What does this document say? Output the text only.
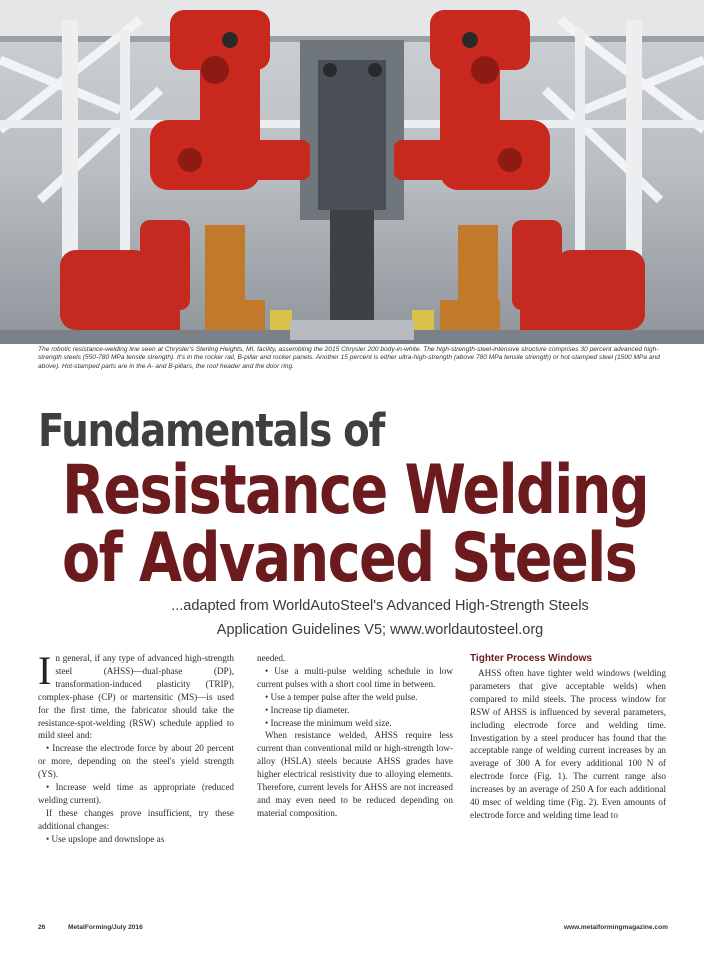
The robotic resistance-welding line seen at Chrysler's Sterling Heights, MI, facility, assembling the 2015 Chrysler 200 body-in-white. The high-strength-steel-intensive structure comprises 30 percent advanced high-strength steels (550-780 MPa tensile strength). It's in the rocker rail, B-pillar and rocker panels. Another 15 percent is either ultra-high-strength (above 780 MPa tensile strength) or hot-stamped steel (1500 MPa and above). Hot-stamped parts are in the A- and B-pillars, the roof header and the door ring.
Fundamentals of
Resistance Welding
of Advanced Steels
...adapted from WorldAutoSteel's Advanced High-Strength Steels
Application Guidelines V5; www.worldautosteel.org

In general, if any type of advanced high-strength steel (AHSS)—dual-phase (DP), transformation-induced plasticity (TRIP), complex-phase (CP) or martensitic (MS)—is used for the first time, the fabricator should take the resistance-spot-welding (RSW) schedule applied to mild steel and:

• Increase the electrode force by about 20 percent or more, depending on the steel's yield strength (YS).

• Increase weld time as appropriate (reduced welding current).

If these changes prove insufficient, try these additional changes:

• Use upslope and downslope as

needed.

• Use a multi-pulse welding schedule in low current pulses with a short cool time in between.

• Use a temper pulse after the weld pulse.

• Increase tip diameter.

• Increase the minimum weld size.

When resistance welded, AHSS require less current than conventional mild or high-strength low-alloy (HSLA) steels because AHSS grades have higher electrical resistivity due to alloying elements. Therefore, current levels for AHSS are not increased and may even need to be reduced depending on material composition.

Tighter Process Windows

AHSS often have tighter weld windows (welding parameters that give acceptable welds) when compared to mild steels. The process window for RSW of AHSS is influenced by several parameters, including electrode force and welding time. Investigation by a steel producer has found that the acceptable range of welding current increases by an average of 300 A for every additional 100 N of electrode force (Fig. 1). The current range also increases by an average of 250 A for each additional 40 msec of welding time (Fig. 2). Even amounts of electrode force and welding time lead to

26	MetalForming/July 2016	www.metalformingmagazine.com
